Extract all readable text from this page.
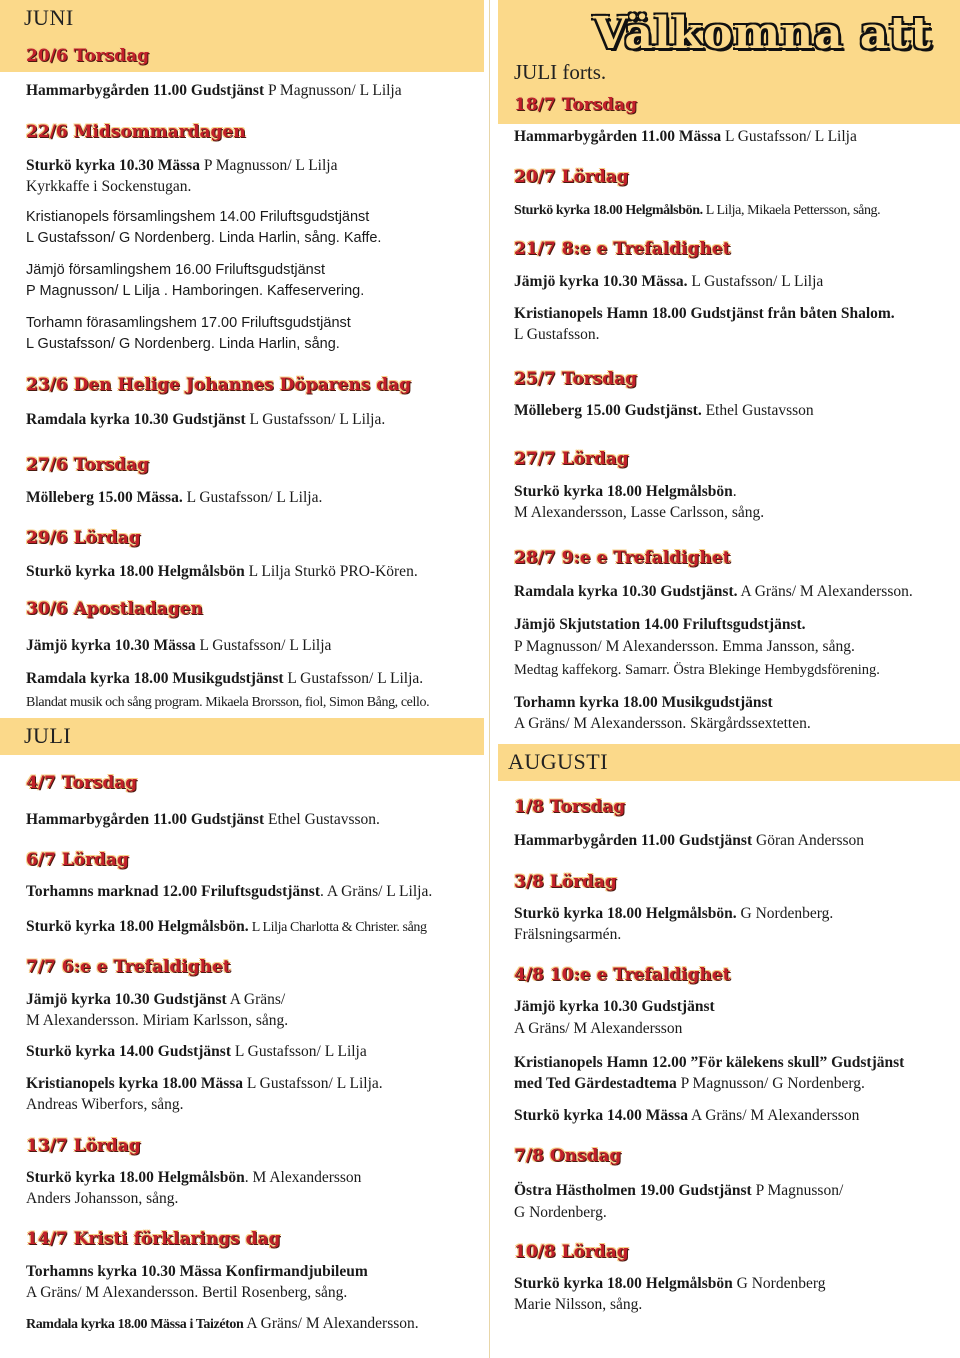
JUNI
20/6 Torsdag
Hammarbygården 11.00 Gudstjänst P Magnusson/ L Lilja
22/6 Midsommardagen
Sturkö kyrka 10.30 Mässa P Magnusson/ L Lilja
Kyrkkaffe i Sockenstugan.
Kristianopels församlingshem 14.00 Friluftsgudstjänst
L Gustafsson/ G Nordenberg. Linda Harlin, sång. Kaffe.
Jämjö församlingshem 16.00 Friluftsgudstjänst
P Magnusson/ L Lilja . Hamboringen. Kaffeservering.
Torhamn förasamlingshem 17.00 Friluftsgudstjänst
L Gustafsson/ G Nordenberg. Linda Harlin, sång.
23/6 Den Helige Johannes Döparens dag
Ramdala kyrka 10.30 Gudstjänst L Gustafsson/ L Lilja.
27/6 Torsdag
Mölleberg 15.00 Mässa. L Gustafsson/ L Lilja.
29/6 Lördag
Sturkö kyrka 18.00 Helgmålsbön L Lilja Sturkö PRO-Kören.
30/6 Apostladagen
Jämjö kyrka 10.30 Mässa L Gustafsson/ L Lilja
Ramdala kyrka 18.00 Musikgudstjänst L Gustafsson/ L Lilja.
Blandat musik och sång program. Mikaela Brorsson, fiol, Simon Bång, cello.
JULI
4/7 Torsdag
Hammarbygården 11.00 Gudstjänst Ethel Gustavsson.
6/7 Lördag
Torhamns marknad 12.00 Friluftsgudstjänst. A Gräns/ L Lilja.
Sturkö kyrka 18.00 Helgmålsbön. L Lilja Charlotta & Christer. sång
7/7 6:e e Trefaldighet
Jämjö kyrka 10.30 Gudstjänst A Gräns/
M Alexandersson. Miriam Karlsson, sång.
Sturkö kyrka 14.00 Gudstjänst L Gustafsson/ L Lilja
Kristianopels kyrka 18.00 Mässa L Gustafsson/ L Lilja.
Andreas Wiberfors, sång.
13/7 Lördag
Sturkö kyrka 18.00 Helgmålsbön. M Alexandersson
Anders Johansson, sång.
14/7 Kristi förklarings dag
Torhamns kyrka 10.30 Mässa Konfirmandjubileum
A Gräns/ M Alexandersson. Bertil Rosenberg, sång.
Ramdala kyrka 18.00 Mässa i Taizéton A Gräns/ M Alexandersson.
Välkomna att
JULI forts.
18/7 Torsdag
Hammarbygården 11.00 Mässa L Gustafsson/ L Lilja
20/7 Lördag
Sturkö kyrka 18.00 Helgmålsbön. L Lilja, Mikaela Pettersson, sång.
21/7 8:e e Trefaldighet
Jämjö kyrka 10.30 Mässa. L Gustafsson/ L Lilja
Kristianopels Hamn 18.00 Gudstjänst från båten Shalom.
L Gustafsson.
25/7 Torsdag
Mölleberg 15.00 Gudstjänst. Ethel Gustavsson
27/7 Lördag
Sturkö kyrka 18.00 Helgmålsbön.
M Alexandersson, Lasse Carlsson, sång.
28/7 9:e e Trefaldighet
Ramdala kyrka 10.30 Gudstjänst. A Gräns/ M Alexandersson.
Jämjö Skjutstation 14.00 Friluftsgudstjänst.
P Magnusson/ M Alexandersson. Emma Jansson, sång.
Medtag kaffekorg. Samarr. Östra Blekinge Hembygdsförening.
Torhamn kyrka 18.00 Musikgudstjänst
A Gräns/ M Alexandersson. Skärgårdssextetten.
AUGUSTI
1/8 Torsdag
Hammarbygården 11.00 Gudstjänst Göran Andersson
3/8 Lördag
Sturkö kyrka 18.00 Helgmålsbön. G Nordenberg.
Frälsningsarmén.
4/8 10:e e Trefaldighet
Jämjö kyrka 10.30 Gudstjänst
A Gräns/ M Alexandersson
Kristianopels Hamn 12.00 ”För kälekens skull” Gudstjänst
med Ted Gärdestadtema P Magnusson/ G Nordenberg.
Sturkö kyrka 14.00 Mässa A Gräns/ M Alexandersson
7/8 Onsdag
Östra Hästholmen 19.00 Gudstjänst P Magnusson/
G Nordenberg.
10/8 Lördag
Sturkö kyrka 18.00 Helgmålsbön G Nordenberg
Marie Nilsson, sång.
